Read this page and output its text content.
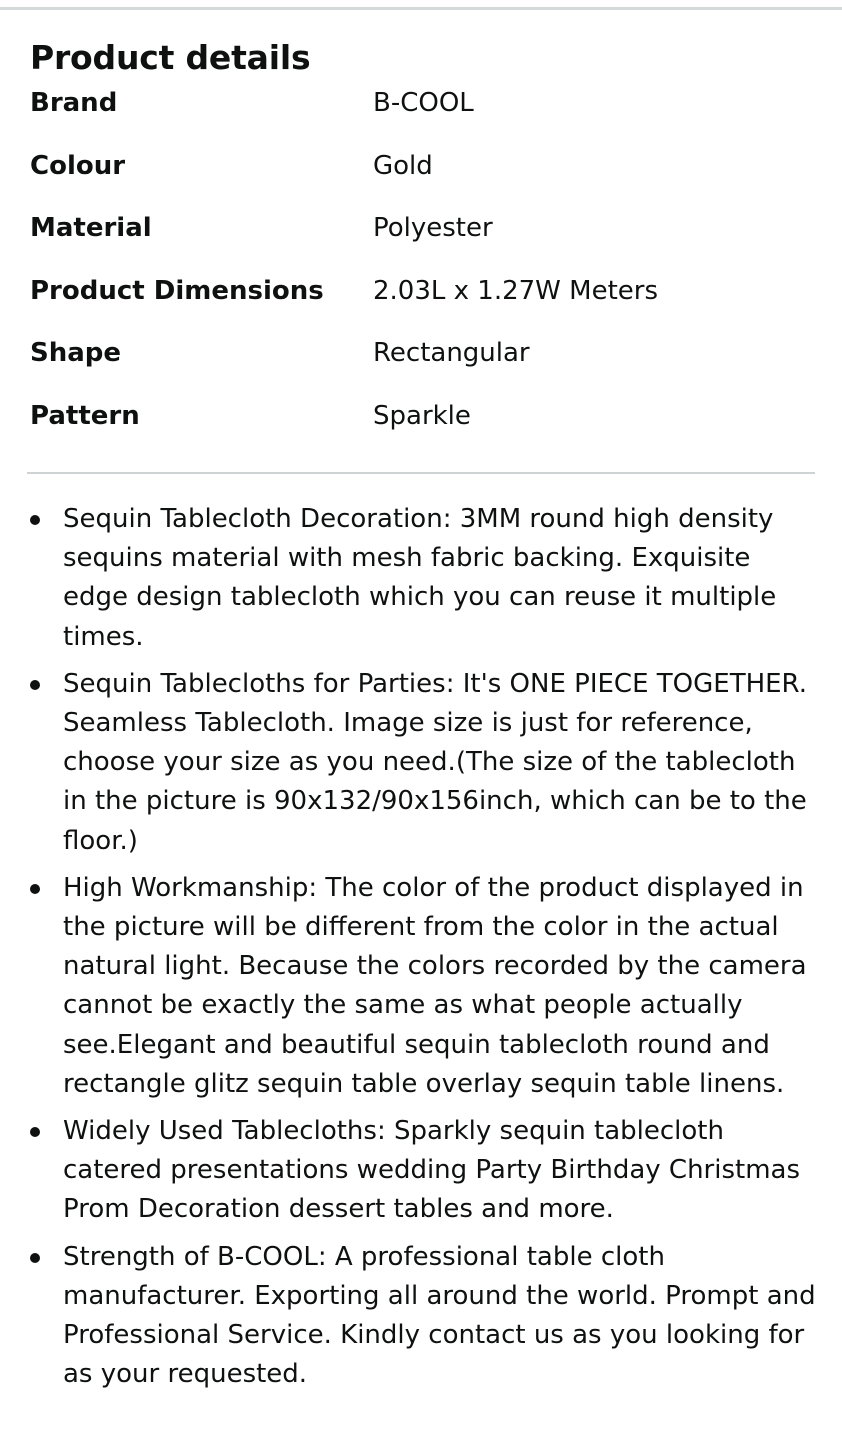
Product details
Brand	B-COOL
Colour	Gold
Material	Polyester
Product Dimensions	2.03L x 1.27W Meters
Shape	Rectangular
Pattern	Sparkle
Sequin Tablecloth Decoration: 3MM round high density sequins material with mesh fabric backing. Exquisite edge design tablecloth which you can reuse it multiple times.
Sequin Tablecloths for Parties: It's ONE PIECE TOGETHER. Seamless Tablecloth. Image size is just for reference, choose your size as you need.(The size of the tablecloth in the picture is 90x132/90x156inch, which can be to the floor.)
High Workmanship: The color of the product displayed in the picture will be different from the color in the actual natural light. Because the colors recorded by the camera cannot be exactly the same as what people actually see.Elegant and beautiful sequin tablecloth round and rectangle glitz sequin table overlay sequin table linens.
Widely Used Tablecloths: Sparkly sequin tablecloth catered presentations wedding Party Birthday Christmas Prom Decoration dessert tables and more.
Strength of B-COOL: A professional table cloth manufacturer. Exporting all around the world. Prompt and Professional Service. Kindly contact us as you looking for as your requested.
